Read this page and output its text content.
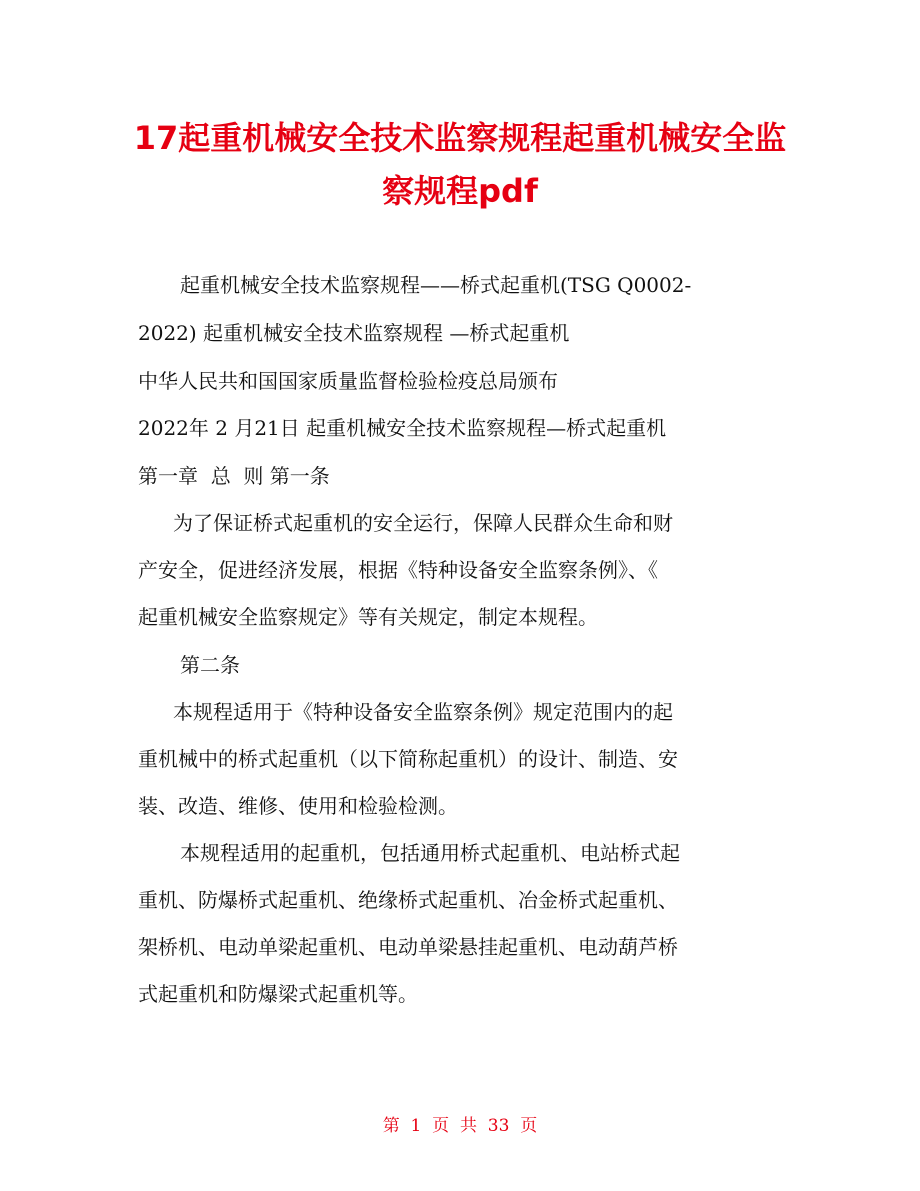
17起重机械安全技术监察规程起重机械安全监察规程pdf
起重机械安全技术监察规程——桥式起重机(TSG Q0002-
2022) 起重机械安全技术监察规程 —桥式起重机
中华人民共和国国家质量监督检验检疫总局颁布
2022年 2 月21日 起重机械安全技术监察规程—桥式起重机
第一章  总  则 第一条
为了保证桥式起重机的安全运行，保障人民群众生命和财
产安全，促进经济发展，根据《特种设备安全监察条例》、《
起重机械安全监察规定》等有关规定，制定本规程。
第二条
本规程适用于《特种设备安全监察条例》规定范围内的起
重机械中的桥式起重机（以下简称起重机）的设计、制造、安
装、改造、维修、使用和检验检测。
本规程适用的起重机，包括通用桥式起重机、电站桥式起
重机、防爆桥式起重机、绝缘桥式起重机、冶金桥式起重机、
架桥机、电动单梁起重机、电动单梁悬挂起重机、电动葫芦桥
式起重机和防爆梁式起重机等。
第  1  页  共  33  页
